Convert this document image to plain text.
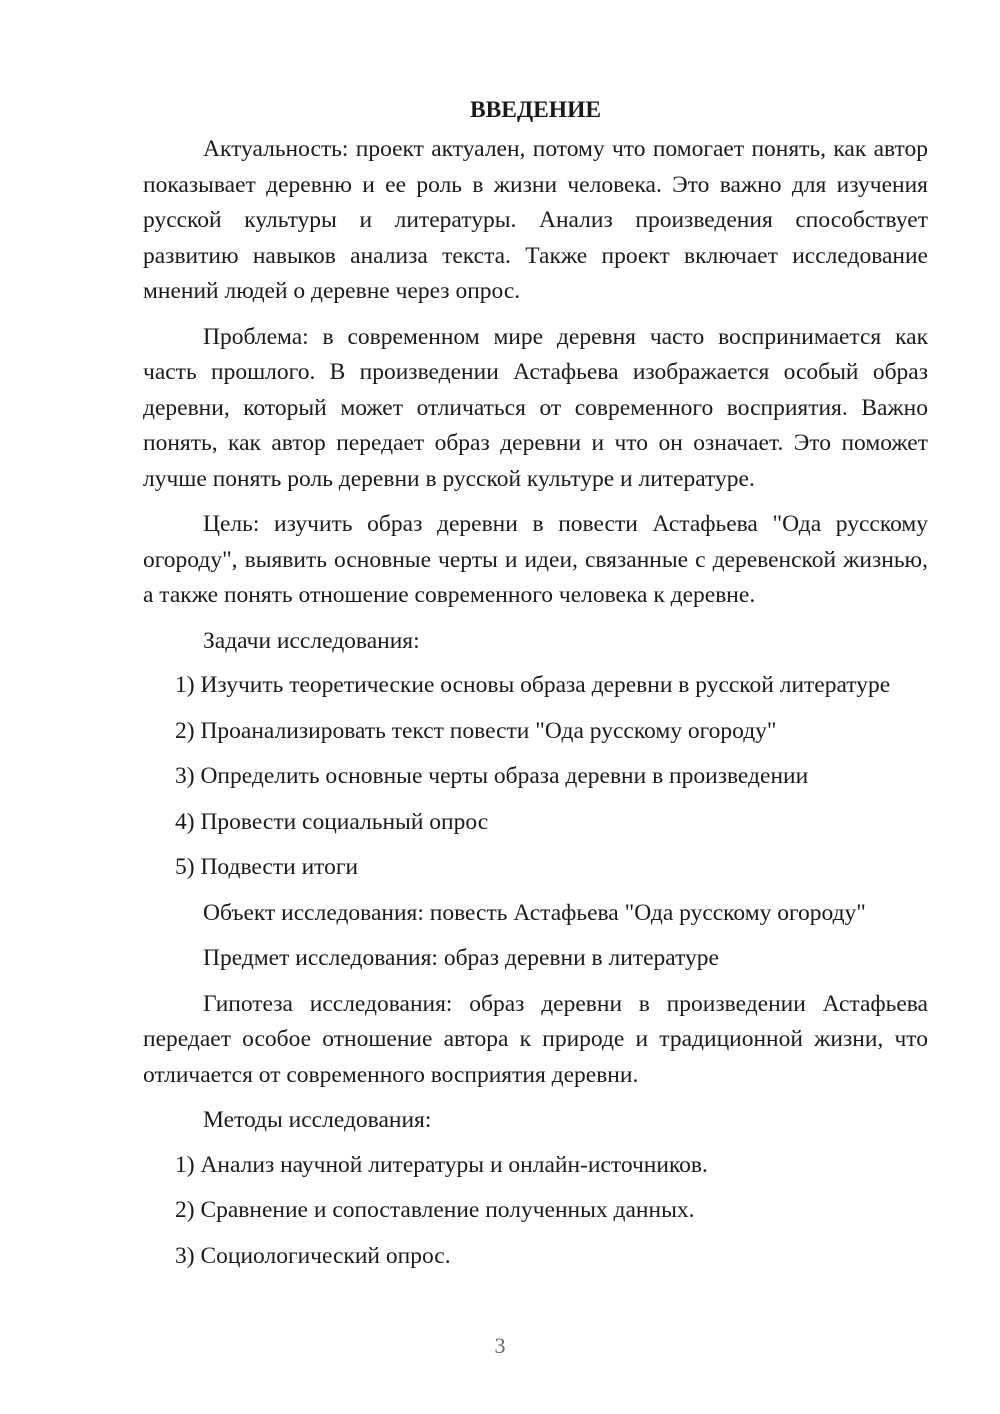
ВВЕДЕНИЕ

Актуальность: проект актуален, потому что помогает понять, как автор показывает деревню и ее роль в жизни человека. Это важно для изучения русской культуры и литературы. Анализ произведения способствует развитию навыков анализа текста. Также проект включает исследование мнений людей о деревне через опрос.

Проблема: в современном мире деревня часто воспринимается как часть прошлого. В произведении Астафьева изображается особый образ деревни, который может отличаться от современного восприятия. Важно понять, как автор передает образ деревни и что он означает. Это поможет лучше понять роль деревни в русской культуре и литературе.

Цель: изучить образ деревни в повести Астафьева "Ода русскому огороду", выявить основные черты и идеи, связанные с деревенской жизнью, а также понять отношение современного человека к деревне.

Задачи исследования:
1) Изучить теоретические основы образа деревни в русской литературе
2) Проанализировать текст повести "Ода русскому огороду"
3) Определить основные черты образа деревни в произведении
4) Провести социальный опрос
5) Подвести итоги
Объект исследования: повесть Астафьева "Ода русскому огороду"
Предмет исследования: образ деревни в литературе

Гипотеза исследования: образ деревни в произведении Астафьева передает особое отношение автора к природе и традиционной жизни, что отличается от современного восприятия деревни.

Методы исследования:
1) Анализ научной литературы и онлайн-источников.
2) Сравнение и сопоставление полученных данных.
3) Социологический опрос.
3
